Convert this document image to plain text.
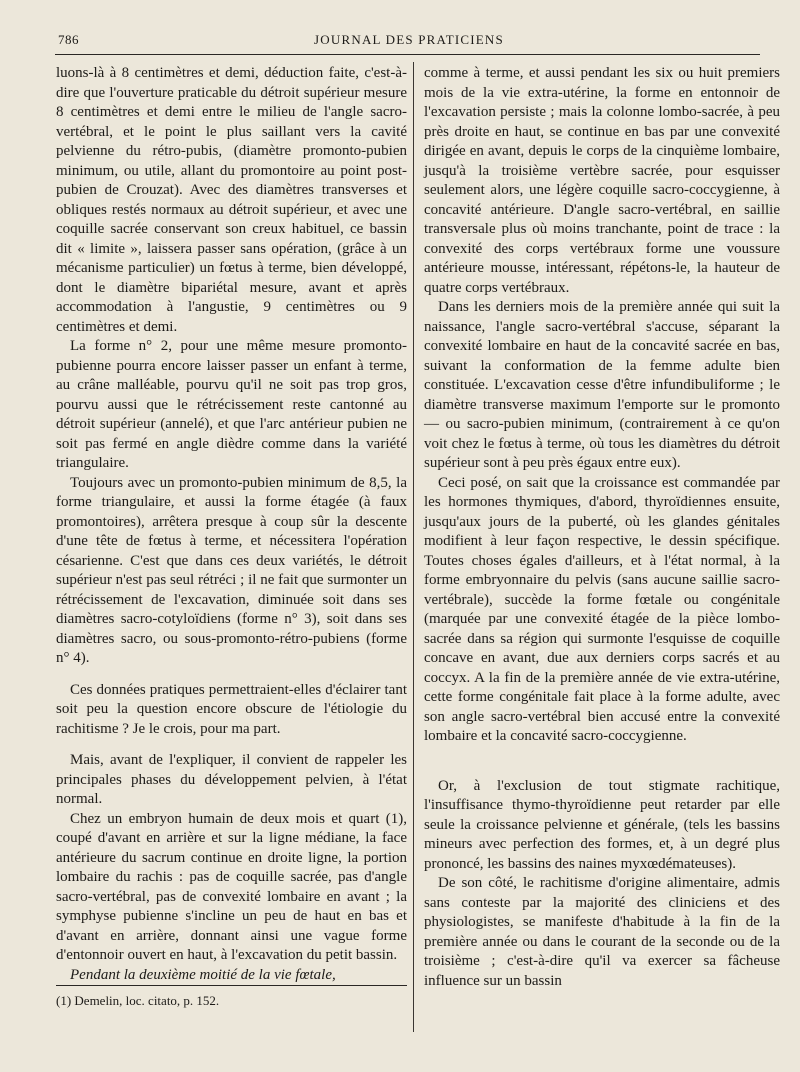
786	JOURNAL DES PRATICIENS

luons-là à 8 centimètres et demi, déduction faite, c'est-à-dire que l'ouverture praticable du détroit supérieur mesure 8 centimètres et demi entre le milieu de l'angle sacro-vertébral, et le point le plus saillant vers la cavité pelvienne du rétro-pubis, (diamètre promonto-pubien minimum, ou utile, allant du promontoire au point post-pubien de Crouzat). Avec des diamètres transverses et obliques restés normaux au détroit supérieur, et avec une coquille sacrée conservant son creux habituel, ce bassin dit « limite », laissera passer sans opération, (grâce à un mécanisme particulier) un fœtus à terme, bien développé, dont le diamètre bipariétal mesure, avant et après accommodation à l'angustie, 9 centimètres ou 9 centimètres et demi.

La forme n° 2, pour une même mesure promonto-pubienne pourra encore laisser passer un enfant à terme, au crâne malléable, pourvu qu'il ne soit pas trop gros, pourvu aussi que le rétrécissement reste cantonné au détroit supérieur (annelé), et que l'arc antérieur pubien ne soit pas fermé en angle dièdre comme dans la variété triangulaire.

Toujours avec un promonto-pubien minimum de 8,5, la forme triangulaire, et aussi la forme étagée (à faux promontoires), arrêtera presque à coup sûr la descente d'une tête de fœtus à terme, et nécessitera l'opération césarienne. C'est que dans ces deux variétés, le détroit supérieur n'est pas seul rétréci ; il ne fait que surmonter un rétrécissement de l'excavation, diminuée soit dans ses diamètres sacro-cotyloïdiens (forme n° 3), soit dans ses diamètres sacro, ou sous-promonto-rétro-pubiens (forme n° 4).

Ces données pratiques permettraient-elles d'éclairer tant soit peu la question encore obscure de l'étiologie du rachitisme ? Je le crois, pour ma part.

Mais, avant de l'expliquer, il convient de rappeler les principales phases du développement pelvien, à l'état normal.

Chez un embryon humain de deux mois et quart (1), coupé d'avant en arrière et sur la ligne médiane, la face antérieure du sacrum continue en droite ligne, la portion lombaire du rachis : pas de coquille sacrée, pas d'angle sacro-vertébral, pas de convexité lombaire en avant ; la symphyse pubienne s'incline un peu de haut en bas et d'avant en arrière, donnant ainsi une vague forme d'entonnoir ouvert en haut, à l'excavation du petit bassin.

Pendant la deuxième moitié de la vie fœtale,

comme à terme, et aussi pendant les six ou huit premiers mois de la vie extra-utérine, la forme en entonnoir de l'excavation persiste ; mais la colonne lombo-sacrée, à peu près droite en haut, se continue en bas par une convexité dirigée en avant, depuis le corps de la cinquième lombaire, jusqu'à la troisième vertèbre sacrée, pour esquisser seulement alors, une légère coquille sacro-coccygienne, à concavité antérieure. D'angle sacro-vertébral, en saillie transversale plus où moins tranchante, point de trace : la convexité des corps vertébraux forme une voussure antérieure mousse, intéressant, répétons-le, la hauteur de quatre corps vertébraux.

Dans les derniers mois de la première année qui suit la naissance, l'angle sacro-vertébral s'accuse, séparant la convexité lombaire en haut de la concavité sacrée en bas, suivant la conformation de la femme adulte bien constituée. L'excavation cesse d'être infundibuliforme ; le diamètre transverse maximum l'emporte sur le promonto — ou sacro-pubien minimum, (contrairement à ce qu'on voit chez le fœtus à terme, où tous les diamètres du détroit supérieur sont à peu près égaux entre eux).

Ceci posé, on sait que la croissance est commandée par les hormones thymiques, d'abord, thyroïdiennes ensuite, jusqu'aux jours de la puberté, où les glandes génitales modifient à leur façon respective, le dessin spécifique. Toutes choses égales d'ailleurs, et à l'état normal, à la forme embryonnaire du pelvis (sans aucune saillie sacro-vertébrale), succède la forme fœtale ou congénitale (marquée par une convexité étagée de la pièce lombo-sacrée dans sa région qui surmonte l'esquisse de coquille concave en avant, due aux derniers corps sacrés et au coccyx. A la fin de la première année de vie extra-utérine, cette forme congénitale fait place à la forme adulte, avec son angle sacro-vertébral bien accusé entre la convexité lombaire et la concavité sacro-coccygienne.

Or, à l'exclusion de tout stigmate rachitique, l'insuffisance thymo-thyroïdienne peut retarder par elle seule la croissance pelvienne et générale, (tels les bassins mineurs avec perfection des formes, et, à un degré plus prononcé, les bassins des naines myxœdémateuses).

De son côté, le rachitisme d'origine alimentaire, admis sans conteste par la majorité des cliniciens et des physiologistes, se manifeste d'habitude à la fin de la première année ou dans le courant de la seconde ou de la troisième ; c'est-à-dire qu'il va exercer sa fâcheuse influence sur un bassin

(1) Demelin, loc. citato, p. 152.
